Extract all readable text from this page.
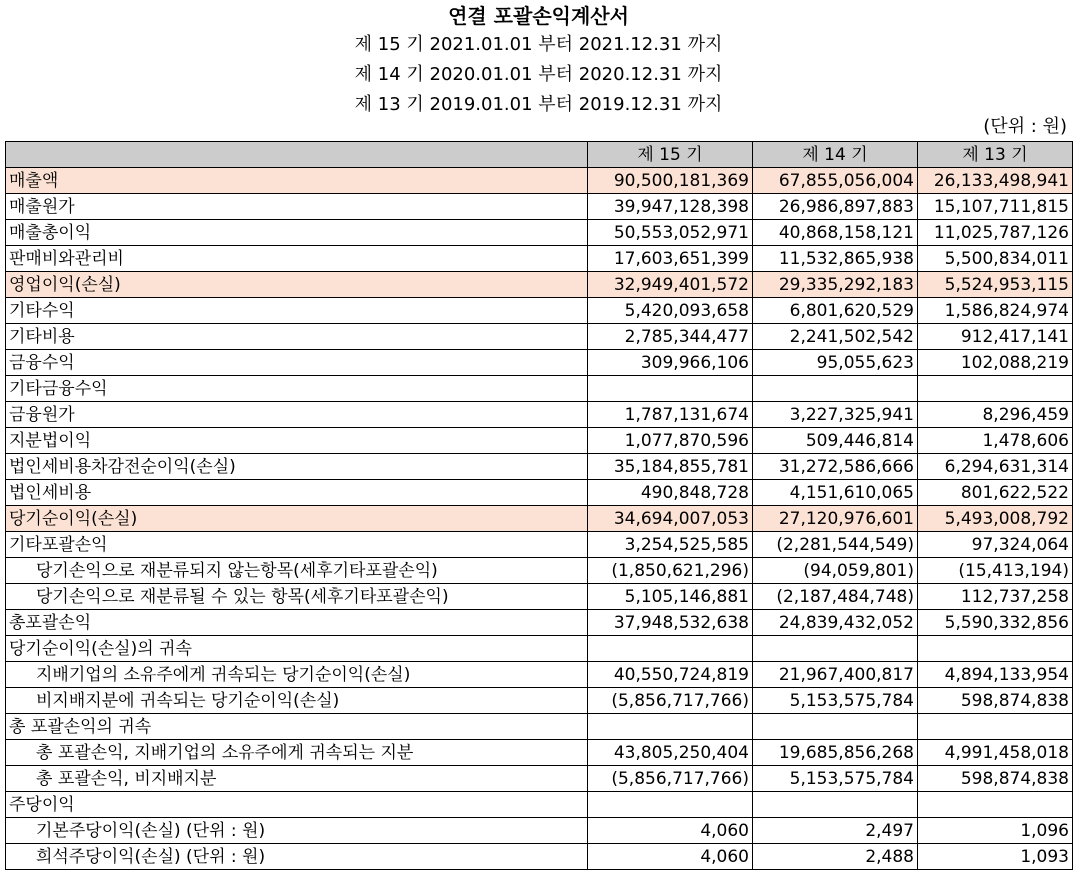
연결 포괄손익계산서
제 15 기 2021.01.01 부터 2021.12.31 까지
제 14 기 2020.01.01 부터 2020.12.31 까지
제 13 기 2019.01.01 부터 2019.12.31 까지
(단위 : 원)
	제 15 기	제 14 기	제 13 기
매출액	90,500,181,369	67,855,056,004	26,133,498,941
매출원가	39,947,128,398	26,986,897,883	15,107,711,815
매출총이익	50,553,052,971	40,868,158,121	11,025,787,126
판매비와관리비	17,603,651,399	11,532,865,938	5,500,834,011
영업이익(손실)	32,949,401,572	29,335,292,183	5,524,953,115
기타수익	5,420,093,658	6,801,620,529	1,586,824,974
기타비용	2,785,344,477	2,241,502,542	912,417,141
금융수익	309,966,106	95,055,623	102,088,219
기타금융수익			
금융원가	1,787,131,674	3,227,325,941	8,296,459
지분법이익	1,077,870,596	509,446,814	1,478,606
법인세비용차감전순이익(손실)	35,184,855,781	31,272,586,666	6,294,631,314
법인세비용	490,848,728	4,151,610,065	801,622,522
당기순이익(손실)	34,694,007,053	27,120,976,601	5,493,008,792
기타포괄손익	3,254,525,585	(2,281,544,549)	97,324,064
당기손익으로 재분류되지 않는항목(세후기타포괄손익)	(1,850,621,296)	(94,059,801)	(15,413,194)
당기손익으로 재분류될 수 있는 항목(세후기타포괄손익)	5,105,146,881	(2,187,484,748)	112,737,258
총포괄손익	37,948,532,638	24,839,432,052	5,590,332,856
당기순이익(손실)의 귀속			
지배기업의 소유주에게 귀속되는 당기순이익(손실)	40,550,724,819	21,967,400,817	4,894,133,954
비지배지분에 귀속되는 당기순이익(손실)	(5,856,717,766)	5,153,575,784	598,874,838
총 포괄손익의 귀속			
총 포괄손익, 지배기업의 소유주에게 귀속되는 지분	43,805,250,404	19,685,856,268	4,991,458,018
총 포괄손익, 비지배지분	(5,856,717,766)	5,153,575,784	598,874,838
주당이익			
기본주당이익(손실) (단위 : 원)	4,060	2,497	1,096
희석주당이익(손실) (단위 : 원)	4,060	2,488	1,093
